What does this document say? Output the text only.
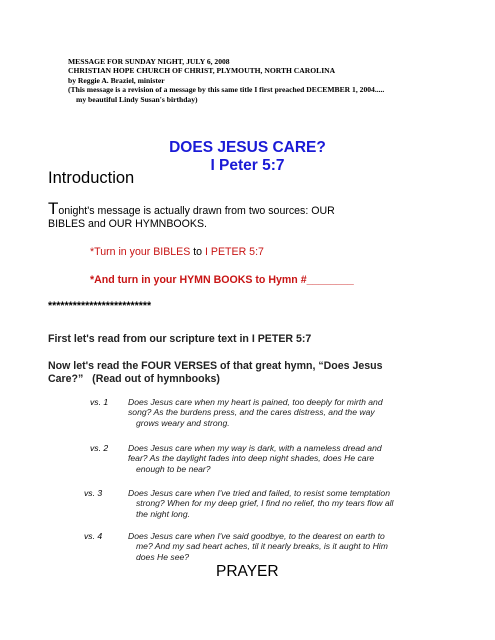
MESSAGE FOR SUNDAY NIGHT, JULY 6, 2008
CHRISTIAN HOPE CHURCH OF CHRIST, PLYMOUTH, NORTH CAROLINA
by Reggie A. Braziel, minister
(This message is a revision of a message by this same title I first preached DECEMBER 1, 2004.....
my beautiful Lindy Susan's birthday)
DOES JESUS CARE?
I Peter 5:7
Introduction
Tonight's message is actually drawn from two sources: OUR
BIBLES and OUR HYMNBOOKS.
*Turn in your BIBLES to I PETER 5:7
*And turn in your HYMN BOOKS to Hymn #________
*************************
First let's read from our scripture text in I PETER 5:7
Now let's read the FOUR VERSES of that great hymn, “Does Jesus
Care?” (Read out of hymnbooks)
vs. 1 Does Jesus care when my heart is pained, too deeply for mirth and
song? As the burdens press, and the cares distress, and the way
grows weary and strong.
vs. 2 Does Jesus care when my way is dark, with a nameless dread and
fear? As the daylight fades into deep night shades, does He care
enough to be near?
vs. 3	Does Jesus care when I've tried and failed, to resist some temptation
strong? When for my deep grief, I find no relief, tho my tears flow all
the night long.
vs. 4	Does Jesus care when I've said goodbye, to the dearest on earth to
me? And my sad heart aches, til it nearly breaks, is it aught to Him
does He see?
PRAYER
